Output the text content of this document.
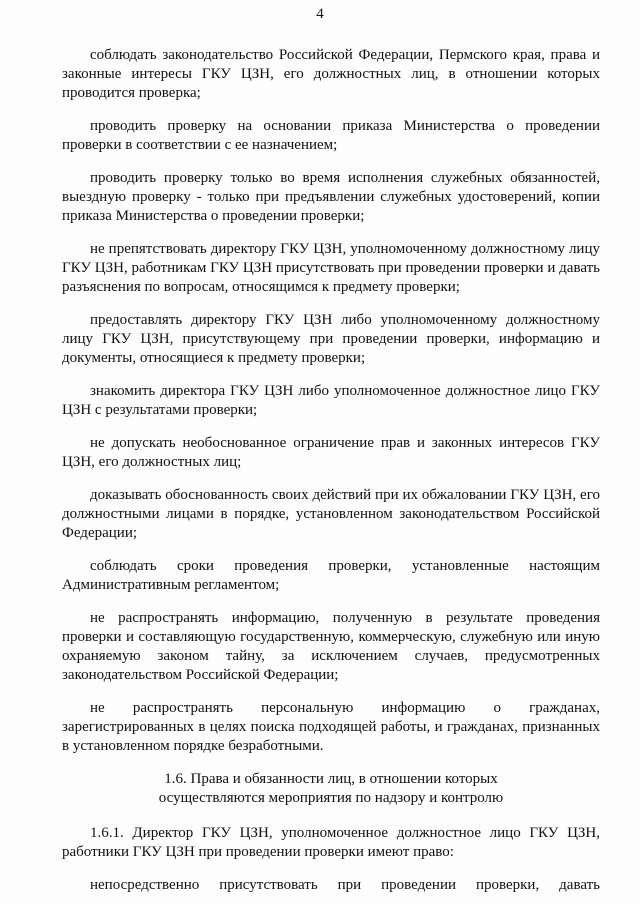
4

соблюдать законодательство Российской Федерации, Пермского края, права и законные интересы ГКУ ЦЗН, его должностных лиц, в отношении которых проводится проверка;

проводить проверку на основании приказа Министерства о проведении проверки в соответствии с ее назначением;

проводить проверку только во время исполнения служебных обязанностей, выездную проверку - только при предъявлении служебных удостоверений, копии приказа Министерства о проведении проверки;

не препятствовать директору ГКУ ЦЗН, уполномоченному должностному лицу ГКУ ЦЗН, работникам ГКУ ЦЗН присутствовать при проведении проверки и давать разъяснения по вопросам, относящимся к предмету проверки;

предоставлять директору ГКУ ЦЗН либо уполномоченному должностному лицу ГКУ ЦЗН, присутствующему при проведении проверки, информацию и документы, относящиеся к предмету проверки;

знакомить директора ГКУ ЦЗН либо уполномоченное должностное лицо ГКУ ЦЗН с результатами проверки;

не допускать необоснованное ограничение прав и законных интересов ГКУ ЦЗН, его должностных лиц;

доказывать обоснованность своих действий при их обжаловании ГКУ ЦЗН, его должностными лицами в порядке, установленном законодательством Российской Федерации;

соблюдать сроки проведения проверки, установленные настоящим Административным регламентом;

не распространять информацию, полученную в результате проведения проверки и составляющую государственную, коммерческую, служебную или иную охраняемую законом тайну, за исключением случаев, предусмотренных законодательством Российской Федерации;

не распространять персональную информацию о гражданах, зарегистрированных в целях поиска подходящей работы, и гражданах, признанных в установленном порядке безработными.

1.6. Права и обязанности лиц, в отношении которых
осуществляются мероприятия по надзору и контролю

1.6.1. Директор ГКУ ЦЗН, уполномоченное должностное лицо ГКУ ЦЗН, работники ГКУ ЦЗН при проведении проверки имеют право:

непосредственно присутствовать при проведении проверки, давать
